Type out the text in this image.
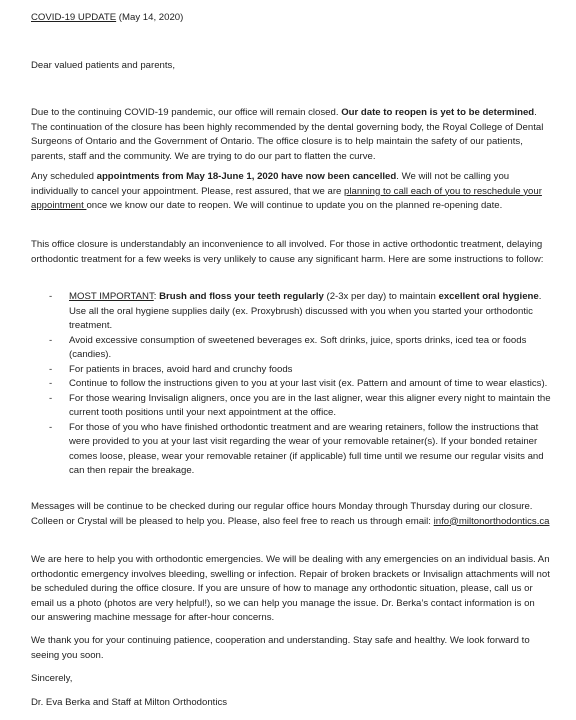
COVID-19 UPDATE (May 14, 2020)
Dear valued patients and parents,
Due to the continuing COVID-19 pandemic, our office will remain closed. Our date to reopen is yet to be determined. The continuation of the closure has been highly recommended by the dental governing body, the Royal College of Dental Surgeons of Ontario and the Government of Ontario. The office closure is to help maintain the safety of our patients, parents, staff and the community. We are trying to do our part to flatten the curve.
Any scheduled appointments from May 18-June 1, 2020 have now been cancelled. We will not be calling you individually to cancel your appointment. Please, rest assured, that we are planning to call each of you to reschedule your appointment once we know our date to reopen. We will continue to update you on the planned re-opening date.
This office closure is understandably an inconvenience to all involved. For those in active orthodontic treatment, delaying orthodontic treatment for a few weeks is very unlikely to cause any significant harm. Here are some instructions to follow:
- MOST IMPORTANT: Brush and floss your teeth regularly (2-3x per day) to maintain excellent oral hygiene. Use all the oral hygiene supplies daily (ex. Proxybrush) discussed with you when you started your orthodontic treatment.
- Avoid excessive consumption of sweetened beverages ex. Soft drinks, juice, sports drinks, iced tea or foods (candies).
- For patients in braces, avoid hard and crunchy foods
- Continue to follow the instructions given to you at your last visit (ex. Pattern and amount of time to wear elastics).
- For those wearing Invisalign aligners, once you are in the last aligner, wear this aligner every night to maintain the current tooth positions until your next appointment at the office.
- For those of you who have finished orthodontic treatment and are wearing retainers, follow the instructions that were provided to you at your last visit regarding the wear of your removable retainer(s). If your bonded retainer comes loose, please, wear your removable retainer (if applicable) full time until we resume our regular visits and can then repair the breakage.
Messages will be continue to be checked during our regular office hours Monday through Thursday during our closure. Colleen or Crystal will be pleased to help you. Please, also feel free to reach us through email: info@miltonorthodontics.ca
We are here to help you with orthodontic emergencies. We will be dealing with any emergencies on an individual basis. An orthodontic emergency involves bleeding, swelling or infection. Repair of broken brackets or Invisalign attachments will not be scheduled during the office closure. If you are unsure of how to manage any orthodontic situation, please, call us or email us a photo (photos are very helpful!), so we can help you manage the issue. Dr. Berka’s contact information is on our answering machine message for after-hour concerns.
We thank you for your continuing patience, cooperation and understanding. Stay safe and healthy. We look forward to seeing you soon.
Sincerely,
Dr. Eva Berka and Staff at Milton Orthodontics
